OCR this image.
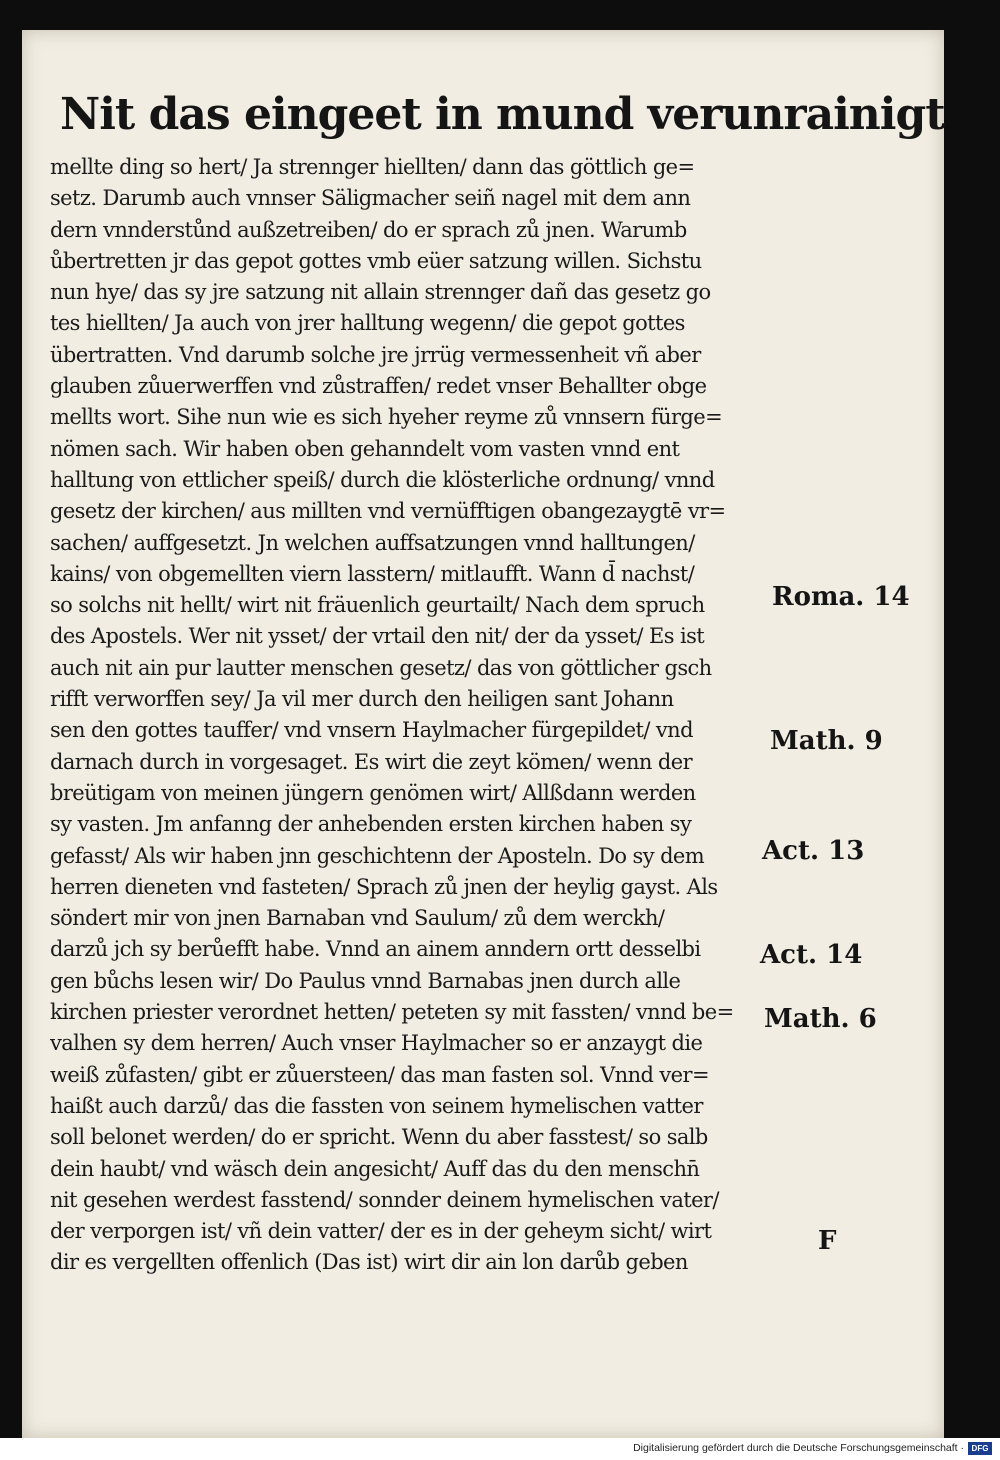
Nit das eingeet in mund verunrainigt
mellte ding so hert/ Ja strennger hiellten/ dann das göttlich ge=
setz. Darumb auch vnnser Säligmacher seiñ nagel mit dem ann
dern vnnderstůnd außzetreiben/ do er sprach zů jnen. Warumb
ůbertretten jr das gepot gottes vmb eüer satzung willen. Sichstu
nun hye/ das sy jre satzung nit allain strennger dañ das gesetz go
tes hiellten/ Ja auch von jrer halltung wegenn/ die gepot gottes
übertratten. Vnd darumb solche jre jrrüg vermessenheit vñ aber
glauben zůuerwerffen vnd zůstraffen/ redet vnser Behallter obge
mellts wort. Sihe nun wie es sich hyeher reyme zů vnnsern fürge=
nömen sach. Wir haben oben gehanndelt vom vasten vnnd ent
halltung von ettlicher speiß/ durch die klösterliche ordnung/ vnnd
gesetz der kirchen/ aus millten vnd vernüfftigen obangezaygtē vr=
sachen/ auffgesetzt. Jn welchen auffsatzungen vnnd halltungen/
kains/ von obgemellten viern lasstern/ mitlaufft. Wann d̄ nachst/
so solchs nit hellt/ wirt nit fräuenlich geurtailt/ Nach dem spruch
des Apostels. Wer nit ysset/ der vrtail den nit/ der da ysset/ Es ist
auch nit ain pur lautter menschen gesetz/ das von göttlicher gsch
rifft verworffen sey/ Ja vil mer durch den heiligen sant Johann
sen den gottes tauffer/ vnd vnsern Haylmacher fürgepildet/ vnd
darnach durch in vorgesaget. Es wirt die zeyt kömen/ wenn der
breütigam von meinen jüngern genömen wirt/ Allßdann werden
sy vasten. Jm anfanng der anhebenden ersten kirchen haben sy
gefasst/ Als wir haben jnn geschichtenn der Aposteln. Do sy dem
herren dieneten vnd fasteten/ Sprach zů jnen der heylig gayst. Als
söndert mir von jnen Barnaban vnd Saulum/ zů dem werckh/
darzů jch sy berůefft habe. Vnnd an ainem anndern ortt desselbi
gen bůchs lesen wir/ Do Paulus vnnd Barnabas jnen durch alle
kirchen priester verordnet hetten/ peteten sy mit fassten/ vnnd be=
valhen sy dem herren/ Auch vnser Haylmacher so er anzaygt die
weiß zůfasten/ gibt er zůuersteen/ das man fasten sol. Vnnd ver=
haißt auch darzů/ das die fassten von seinem hymelischen vatter
soll belonet werden/ do er spricht. Wenn du aber fasstest/ so salb
dein haubt/ vnd wäsch dein angesicht/ Auff das du den menschn̄
nit gesehen werdest fasstend/ sonnder deinem hymelischen vater/
der verporgen ist/ vñ dein vatter/ der es in der geheym sicht/ wirt
dir es vergellten offenlich (Das ist) wirt dir ain lon darůb geben
Roma. 14
Math. 9
Act. 13
Act. 14
Math. 6
F
Digitalisierung gefördert durch die Deutsche Forschungsgemeinschaft · DFG
